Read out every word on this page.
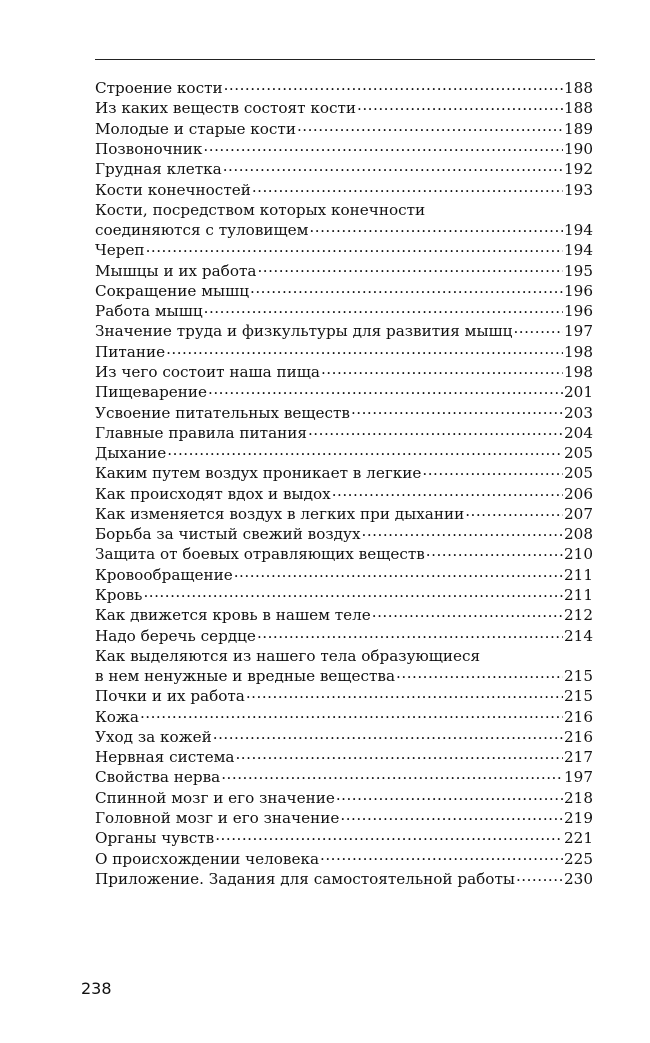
Строение кости .....	188
Из каких веществ состоят кости .....	188
Молодые и старые кости .....	189
Позвоночник .....	190
Грудная клетка .....	192
Кости конечностей .....	193
Кости, посредством которых конечности
соединяются с туловищем .....	194
Череп .....	194
Мышцы и их работа .....	195
Сокращение мышц .....	196
Работа мышц .....	196
Значение труда и физкультуры для развития мышц .....	197
Питание .....	198
Из чего состоит наша пища .....	198
Пищеварение .....	201
Усвоение питательных веществ .....	203
Главные правила питания .....	204
Дыхание .....	205
Каким путем воздух проникает в легкие .....	205
Как происходят вдох и выдох .....	206
Как изменяется воздух в легких при дыхании .....	207
Борьба за чистый свежий воздух .....	208
Защита от боевых отравляющих веществ .....	210
Кровообращение .....	211
Кровь .....	211
Как движется кровь в нашем теле .....	212
Надо беречь сердце .....	214
Как выделяются из нашего тела образующиеся
в нем ненужные и вредные вещества .....	215
Почки и их работа .....	215
Кожа .....	216
Уход за кожей .....	216
Нервная система .....	217
Свойства нерва .....	197
Спинной мозг и его значение .....	218
Головной мозг и его значение .....	219
Органы чувств .....	221
О происхождении человека .....	225
Приложение. Задания для самостоятельной работы .....	230
238
